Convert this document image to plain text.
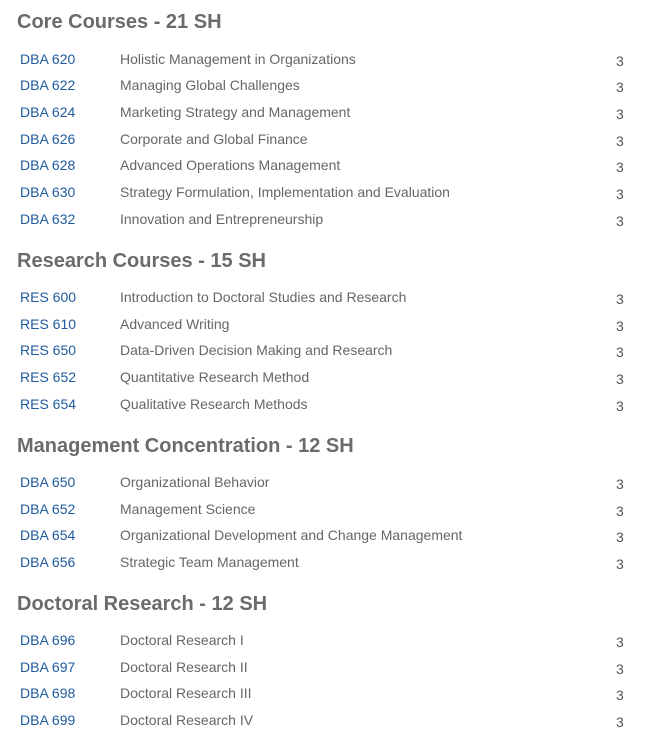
Core Courses - 21 SH
DBA 620	Holistic Management in Organizations	3
DBA 622	Managing Global Challenges	3
DBA 624	Marketing Strategy and Management	3
DBA 626	Corporate and Global Finance	3
DBA 628	Advanced Operations Management	3
DBA 630	Strategy Formulation, Implementation and Evaluation	3
DBA 632	Innovation and Entrepreneurship	3
Research Courses - 15 SH
RES 600	Introduction to Doctoral Studies and Research	3
RES 610	Advanced Writing	3
RES 650	Data-Driven Decision Making and Research	3
RES 652	Quantitative Research Method	3
RES 654	Qualitative Research Methods	3
Management Concentration - 12 SH
DBA 650	Organizational Behavior	3
DBA 652	Management Science	3
DBA 654	Organizational Development and Change Management	3
DBA 656	Strategic Team Management	3
Doctoral Research - 12 SH
DBA 696	Doctoral Research I	3
DBA 697	Doctoral Research II	3
DBA 698	Doctoral Research III	3
DBA 699	Doctoral Research IV	3
